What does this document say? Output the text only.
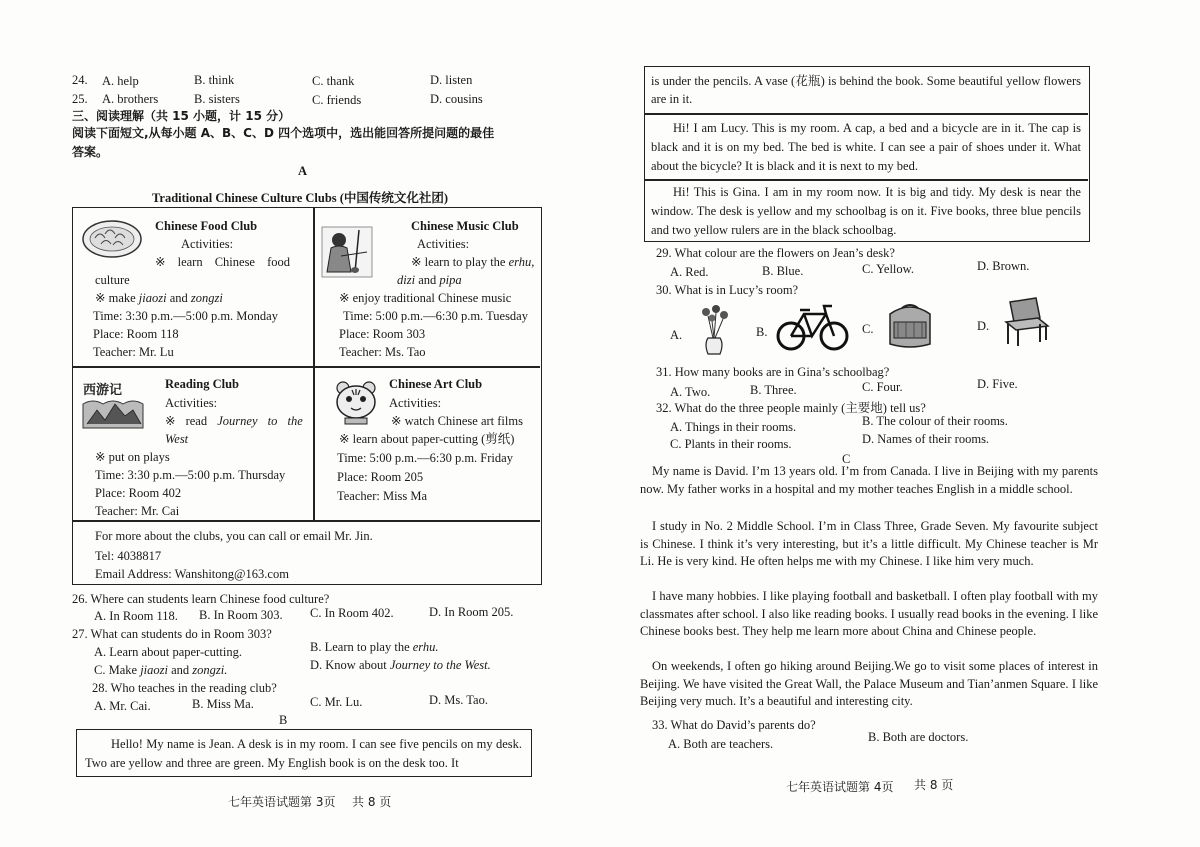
24. A. help	B. think	C. thank	D. listen
25. A. brothers	B. sisters	C. friends	D. cousins
三、阅读理解（共 15 小题，计 15 分）
阅读下面短文,从每小题 A、B、C、D 四个选项中，选出能回答所提问题的最佳
答案。
A
Traditional Chinese Culture Clubs (中国传统文化社团)
Chinese Food Club
Activities:
※ learn Chinese food
culture
※ make jiaozi and zongzi
Time: 3:30 p.m.—5:00 p.m. Monday
Place: Room 118
Teacher: Mr. Lu
Chinese Music Club
Activities:
※ learn to play the erhu,
dizi and pipa
※ enjoy traditional Chinese music
Time: 5:00 p.m.—6:30 p.m. Tuesday
Place: Room 303
Teacher: Ms. Tao
西游记	Reading Club
Activities:
※ read Journey to the
West
※ put on plays
Time: 3:30 p.m.—5:00 p.m. Thursday
Place: Room 402
Teacher: Mr. Cai
Chinese Art Club
Activities:
※ watch Chinese art films
※ learn about paper-cutting (剪纸)
Time: 5:00 p.m.—6:30 p.m. Friday
Place: Room 205
Teacher: Miss Ma
For more about the clubs, you can call or email Mr. Jin.
Tel: 4038817
Email Address: Wanshitong@163.com
26. Where can students learn Chinese food culture?
A. In Room 118. B. In Room 303. C. In Room 402.	D. In Room 205.
27. What can students do in Room 303?
A. Learn about paper-cutting.	B. Learn to play the erhu.
C. Make jiaozi and zongzi.	D. Know about Journey to the West.
28. Who teaches in the reading club?
A. Mr. Cai.	B. Miss Ma.	C. Mr. Lu.	D. Ms. Tao.
B
Hello! My name is Jean. A desk is in my room. I can see five pencils on my desk. Two are yellow and three are green. My English book is on the desk too. It
七年英语试题第 3页 共 8 页
is under the pencils. A vase (花瓶) is behind the book. Some beautiful yellow flowers are in it.
Hi! I am Lucy. This is my room. A cap, a bed and a bicycle are in it. The cap is black and it is on my bed. The bed is white. I can see a pair of shoes under it. What about the bicycle? It is black and it is next to my bed.
Hi! This is Gina. I am in my room now. It is big and tidy. My desk is near the window. The desk is yellow and my schoolbag is on it. Five books, three blue pencils and two yellow rulers are in the black schoolbag.
29. What colour are the flowers on Jean’s desk?
A. Red.	B. Blue.	C. Yellow.	D. Brown.
30. What is in Lucy’s room?
A.	B.	C.	D.
31. How many books are in Gina’s schoolbag?
A. Two.	B. Three.	C. Four.	D. Five.
32. What do the three people mainly (主要地) tell us?
A. Things in their rooms.	B. The colour of their rooms.
C. Plants in their rooms.	D. Names of their rooms.
C
My name is David. I’m 13 years old. I’m from Canada. I live in Beijing with my parents now. My father works in a hospital and my mother teaches English in a middle school.
I study in No. 2 Middle School. I’m in Class Three, Grade Seven. My favourite subject is Chinese. I think it’s very interesting, but it’s a little difficult. My Chinese teacher is Mr Li. He is very kind. He often helps me with my Chinese. I like him very much.
I have many hobbies. I like playing football and basketball. I often play football with my classmates after school. I also like reading books. I usually read books in the evening. I like Chinese books best. They help me learn more about China and Chinese people.
On weekends, I often go hiking around Beijing.We go to visit some places of interest in Beijing. We have visited the Great Wall, the Palace Museum and Tian’anmen Square. I like Beijing very much. It’s a beautiful and interesting city.
33. What do David’s parents do?
A. Both are teachers.	B. Both are doctors.
七年英语试题第 4页 共 8 页
